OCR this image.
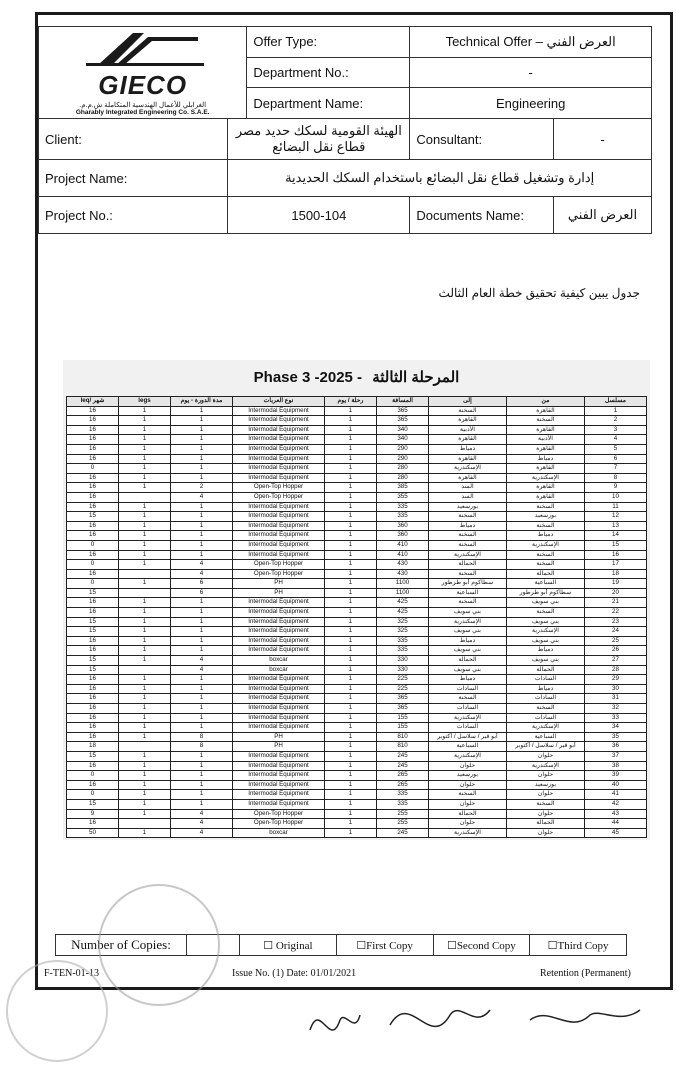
GIECO
الغرابلي للأعمال الهندسية المتكاملة ش.م.م.
Gharably Integrated Engineering Co. S.A.E.		Offer Type:	Technical Offer – العرض الفني	
		Department No.:	-	
		Department Name:	Engineering	
Client:	الهيئة القومية لسكك حديد مصر
قطاع نقل البضائع		Consultant:	-
Project Name:	إدارة وتشغيل قطاع نقل البضائع باستخدام السكك الحديدية			
Project No.:	1500-104		Documents Name:	العرض الفني
جدول يبين كيفية تحقيق خطة العام الثالث
Phase 3 -2025 - المرحلة الثالثة
leq/ شهر	legs	مدة الدورة - يوم	نوع العربات	رحلة / يوم	المسافة	إلى	من	مسلسل
16	1	1	Intermodal Equipment	1	365	السخنة	القاهرة	1
16	1	1	Intermodal Equipment	1	365	القاهرة	السخنة	2
16	1	1	Intermodal Equipment	1	340	الأدبية	القاهرة	3
16	1	1	Intermodal Equipment	1	340	القاهرة	الأدبية	4
16	1	1	Intermodal Equipment	1	290	دمياط	القاهرة	5
16	1	1	Intermodal Equipment	1	290	القاهرة	دمياط	6
0	1	1	Intermodal Equipment	1	280	الإسكندرية	القاهرة	7
16	1	1	Intermodal Equipment	1	280	القاهرة	الإسكندرية	8
16	1	2	Open-Top Hopper	1	385	السد	القاهرة	9
16		4	Open-Top Hopper	1	355	السد	القاهرة	10
16	1	1	Intermodal Equipment	1	335	بورسعيد	السخنة	11
15	1	1	Intermodal Equipment	1	335	السخنة	بورسعيد	12
16	1	1	Intermodal Equipment	1	360	دمياط	السخنة	13
16	1	1	Intermodal Equipment	1	360	السخنة	دمياط	14
0	1	1	Intermodal Equipment	1	410	السخنة	الإسكندرية	15
16	1	1	Intermodal Equipment	1	410	الإسكندرية	السخنة	16
0	1	4	Open-Top Hopper	1	430	الحمالة	السخنة	17
16		4	Open-Top Hopper	1	430	السخنة	الحمالة	18
0	1	6	PH	1	1100	سطاكوم أبو طرطور	السباعية	19
15		6	PH	1	1100	السباعية	سطاكوم أبو طرطور	20
16	1	1	Intermodal Equipment	1	425	السخنة	بني سويف	21
16	1	1	Intermodal Equipment	1	425	بني سويف	السخنة	22
15	1	1	Intermodal Equipment	1	325	الإسكندرية	بني سويف	23
15	1	1	Intermodal Equipment	1	325	بني سويف	الإسكندرية	24
16	1	1	Intermodal Equipment	1	335	دمياط	بني سويف	25
16	1	1	Intermodal Equipment	1	335	بني سويف	دمياط	26
15	1	4	boxcar	1	330	الحمالة	بني سويف	27
15		4	boxcar	1	330	بني سويف	الحمالة	28
16	1	1	Intermodal Equipment	1	225	دمياط	السادات	29
16	1	1	Intermodal Equipment	1	225	السادات	دمياط	30
16	1	1	Intermodal Equipment	1	365	السخنة	السادات	31
16	1	1	Intermodal Equipment	1	365	السادات	السخنة	32
16	1	1	Intermodal Equipment	1	155	الإسكندرية	السادات	33
16	1	1	Intermodal Equipment	1	155	السادات	الإسكندرية	34
16	1	8	PH	1	810	أبو قير / سلاسل / أكتوبر	السباعية	35
18		8	PH	1	810	السباعية	أبو قير / سلاسل / أكتوبر	36
15	1	1	Intermodal Equipment	1	245	الإسكندرية	حلوان	37
16	1	1	Intermodal Equipment	1	245	حلوان	الإسكندرية	38
0	1	1	Intermodal Equipment	1	265	بورسعيد	حلوان	39
16	1	1	Intermodal Equipment	1	265	حلوان	بورسعيد	40
0	1	1	Intermodal Equipment	1	335	السخنة	حلوان	41
15	1	1	Intermodal Equipment	1	335	حلوان	السخنة	42
9	1	4	Open-Top Hopper	1	255	الحمالة	حلوان	43
16		4	Open-Top Hopper	1	255	حلوان	الحمالة	44
50	1	4	boxcar	1	245	الإسكندرية	حلوان	45
Number of Copies:	☐ Original	☐First Copy	☐Second Copy	☐Third Copy
F-TEN-01-13	Issue No. (1) Date: 01/01/2021	Retention (Permanent)
